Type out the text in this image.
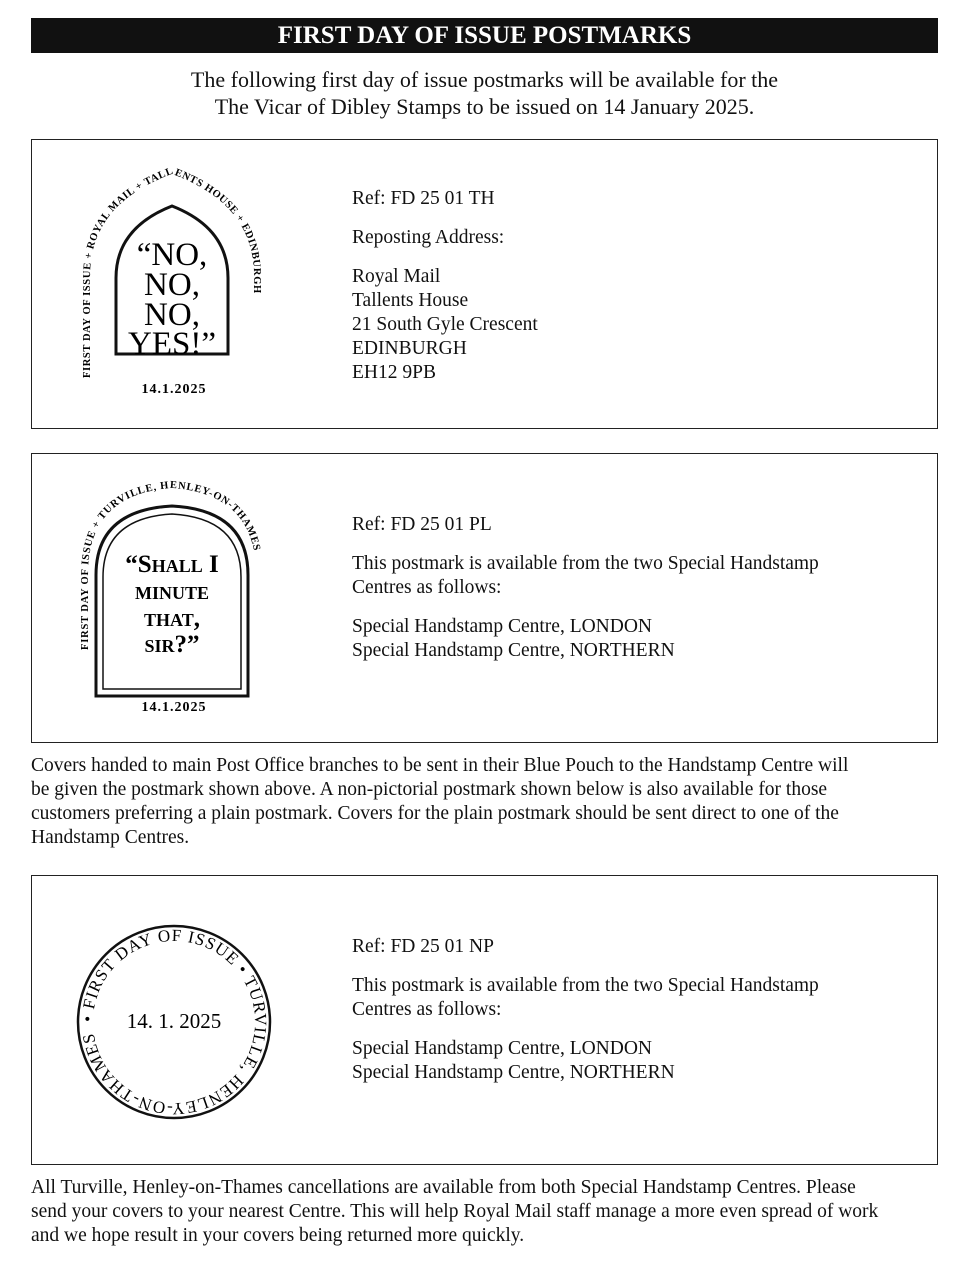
FIRST DAY OF ISSUE POSTMARKS
The following first day of issue postmarks will be available for the
The Vicar of Dibley Stamps to be issued on 14 January 2025.
FIRST DAY OF ISSUE + ROYAL MAIL + TALLENTS HOUSE + EDINBURGH
“NO,
NO,
NO,
YES!”
14.1.2025

Ref: FD 25 01 TH

Reposting Address:

Royal Mail

Tallents House

21 South Gyle Crescent

EDINBURGH

EH12 9PB

FIRST DAY OF ISSUE + TURVILLE, HENLEY-ON-THAMES
“Shall I
minute
that,
sir?”
14.1.2025

Ref: FD 25 01 PL

This postmark is available from the two Special Handstamp

Centres as follows:

Special Handstamp Centre, LONDON

Special Handstamp Centre, NORTHERN

Covers handed to main Post Office branches to be sent in their Blue Pouch to the Handstamp Centre will
be given the postmark shown above. A non-pictorial postmark shown below is also available for those
customers preferring a plain postmark. Covers for the plain postmark should be sent direct to one of the
Handstamp Centres.
• FIRST DAY OF ISSUE • TURVILLE, HENLEY-ON-THAMES
14. 1. 2025

Ref: FD 25 01 NP

This postmark is available from the two Special Handstamp

Centres as follows:

Special Handstamp Centre, LONDON

Special Handstamp Centre, NORTHERN

All Turville, Henley-on-Thames cancellations are available from both Special Handstamp Centres. Please
send your covers to your nearest Centre. This will help Royal Mail staff manage a more even spread of work
and we hope result in your covers being returned more quickly.
